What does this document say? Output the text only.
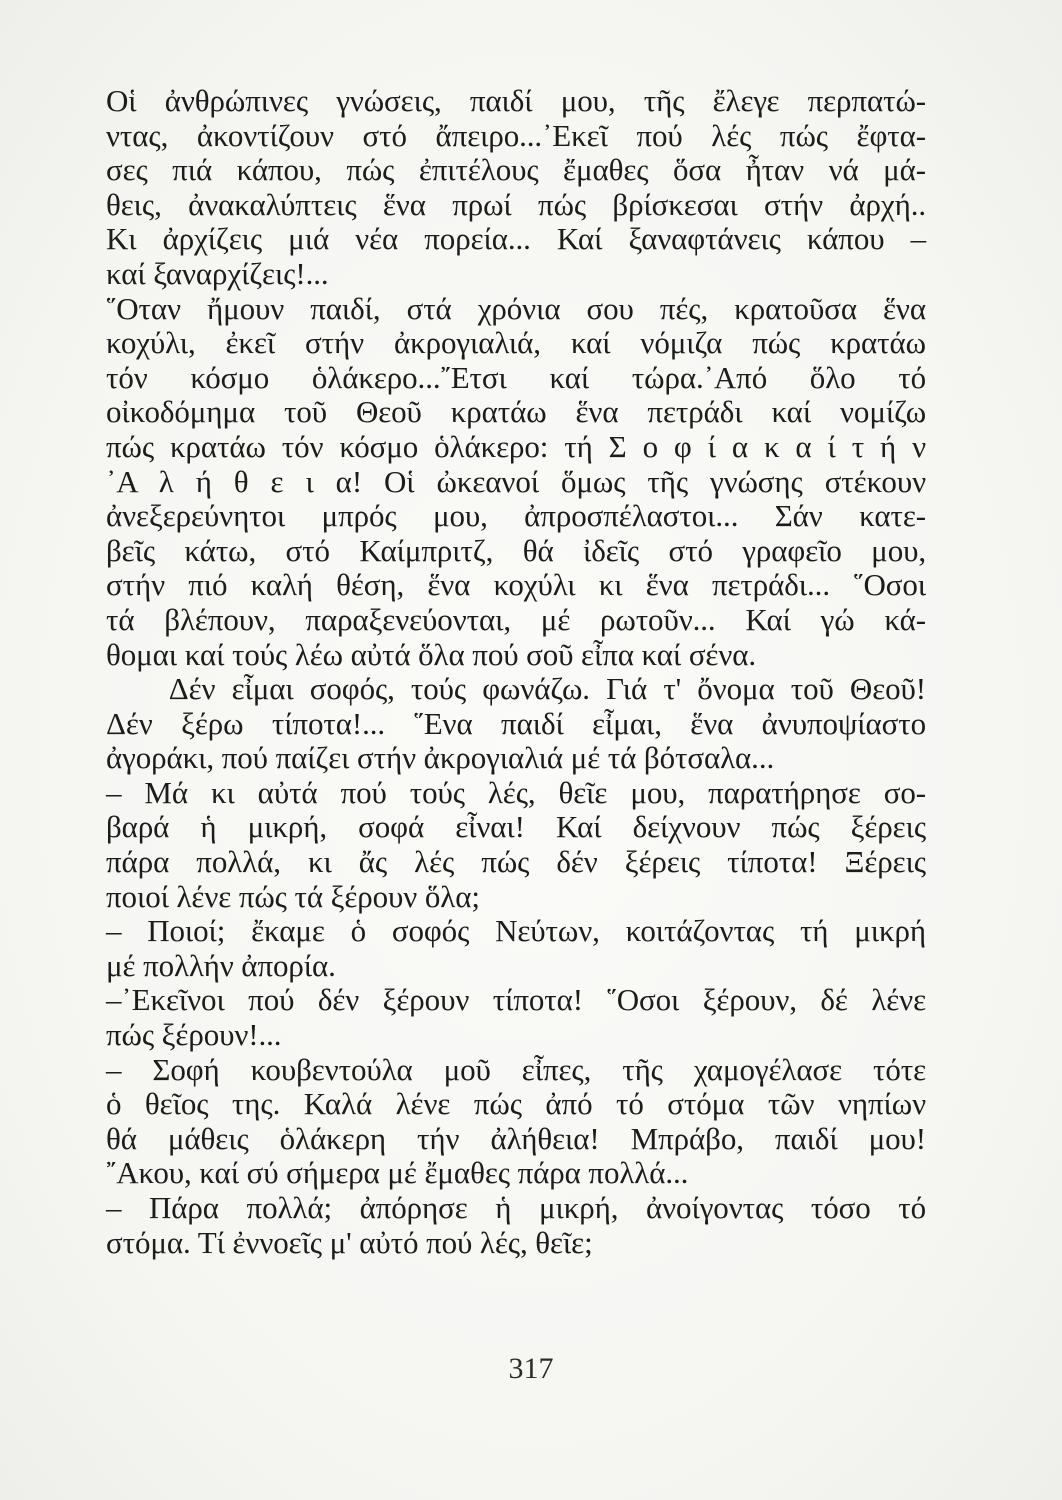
Οἱ ἀνθρώπινες γνώσεις, παιδί μου, τῆς ἔλεγε περπατώ-
ντας, ἀκοντίζουν στό ἄπειρο...᾿Εκεῖ πού λές πώς ἔφτα-
σες πιά κάπου, πώς ἐπιτέλους ἔμαθες ὅσα ἦταν νά μά-
θεις, ἀνακαλύπτεις ἕνα πρωί πώς βρίσκεσαι στήν ἀρχή..
Κι ἀρχίζεις μιά νέα πορεία... Καί ξαναφτάνεις κάπου –
καί ξαναρχίζεις!...
῞Οταν ἤμουν παιδί, στά χρόνια σου πές, κρατοῦσα ἕνα
κοχύλι, ἐκεῖ στήν ἀκρογιαλιά, καί νόμιζα πώς κρατάω
τόν κόσμο ὁλάκερο...῎Ετσι καί τώρα.᾿Από ὅλο τό
οἰκοδόμημα τοῦ Θεοῦ κρατάω ἕνα πετράδι καί νομίζω
πώς κρατάω τόν κόσμο ὁλάκερο: τή Σ ο φ ί α κ α ί τ ή ν
᾿Α λ ή θ ε ι α! Οἱ ὠκεανοί ὅμως τῆς γνώσης στέκουν
ἀνεξερεύνητοι μπρός μου, ἀπροσπέλαστοι... Σάν κατε-
βεῖς κάτω, στό Καίμπριτζ, θά ἰδεῖς στό γραφεῖο μου,
στήν πιό καλή θέση, ἕνα κοχύλι κι ἕνα πετράδι... ῞Οσοι
τά βλέπουν, παραξενεύονται, μέ ρωτοῦν... Καί γώ κά-
θομαι καί τούς λέω αὐτά ὅλα πού σοῦ εἶπα καί σένα.
Δέν εἶμαι σοφός, τούς φωνάζω. Γιά τ' ὄνομα τοῦ Θεοῦ!
Δέν ξέρω τίποτα!... ῞Ενα παιδί εἶμαι, ἕνα ἀνυποψίαστο
ἀγοράκι, πού παίζει στήν ἀκρογιαλιά μέ τά βότσαλα...
– Μά κι αὐτά πού τούς λές, θεῖε μου, παρατήρησε σο-
βαρά ἡ μικρή, σοφά εἶναι! Καί δείχνουν πώς ξέρεις
πάρα πολλά, κι ἄς λές πώς δέν ξέρεις τίποτα! Ξέρεις
ποιοί λένε πώς τά ξέρουν ὅλα;
– Ποιοί; ἔκαμε ὁ σοφός Νεύτων, κοιτάζοντας τή μικρή
μέ πολλήν ἀπορία.
–᾿Εκεῖνοι πού δέν ξέρουν τίποτα! ῞Οσοι ξέρουν, δέ λένε
πώς ξέρουν!...
– Σοφή κουβεντούλα μοῦ εἶπες, τῆς χαμογέλασε τότε
ὁ θεῖος της. Καλά λένε πώς ἀπό τό στόμα τῶν νηπίων
θά μάθεις ὁλάκερη τήν ἀλήθεια! Μπράβο, παιδί μου!
῎Ακου, καί σύ σήμερα μέ ἔμαθες πάρα πολλά...
– Πάρα πολλά; ἀπόρησε ἡ μικρή, ἀνοίγοντας τόσο τό
στόμα. Τί ἐννοεῖς μ' αὐτό πού λές, θεῖε;
317
